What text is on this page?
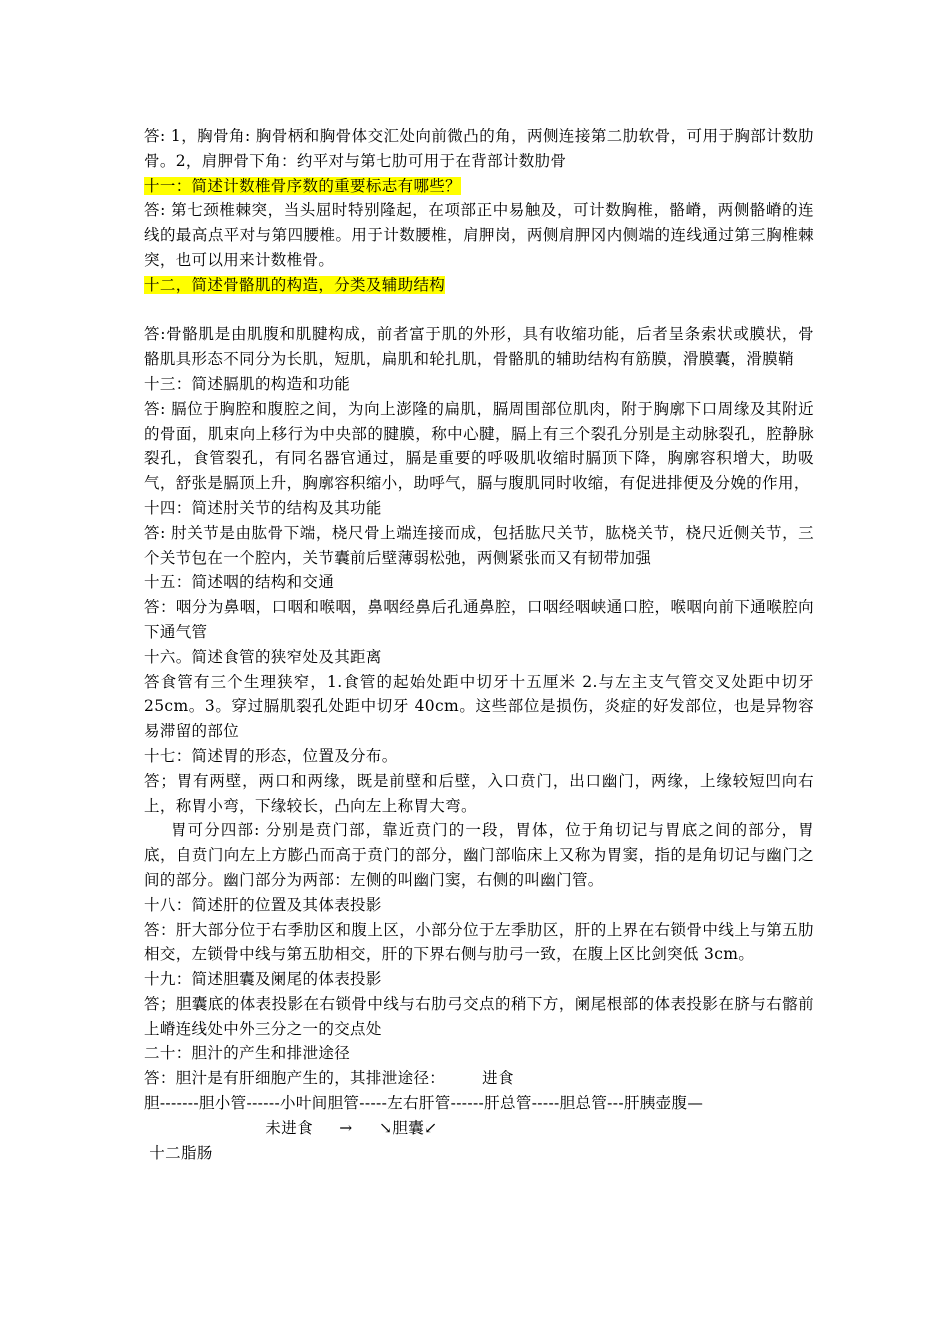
答: 1，胸骨角: 胸骨柄和胸骨体交汇处向前微凸的角，两侧连接第二肋软骨，可用于胸部计数肋骨。2，肩胛骨下角：约平对与第七肋可用于在背部计数肋骨

十一：简述计数椎骨序数的重要标志有哪些？

答: 第七颈椎棘突，当头屈时特别隆起，在项部正中易触及，可计数胸椎，骼嵴，两侧骼嵴的连线的最高点平对与第四腰椎。用于计数腰椎，肩胛岗，两侧肩胛冈内侧端的连线通过第三胸椎棘突，也可以用来计数椎骨。

十二，简述骨骼肌的构造，分类及辅助结构

答:骨骼肌是由肌腹和肌腱构成，前者富于肌的外形，具有收缩功能，后者呈条索状或膜状，骨骼肌具形态不同分为长肌，短肌，扁肌和轮扎肌，骨骼肌的辅助结构有筋膜，滑膜囊，滑膜鞘

十三：简述膈肌的构造和功能

答: 膈位于胸腔和腹腔之间，为向上澎隆的扁肌，膈周围部位肌肉，附于胸廓下口周缘及其附近的骨面，肌束向上移行为中央部的腱膜，称中心腱，膈上有三个裂孔分别是主动脉裂孔，腔静脉裂孔，食管裂孔，有同名器官通过，膈是重要的呼吸肌收缩时膈顶下降，胸廓容积增大，助吸气，舒张是膈顶上升，胸廓容积缩小，助呼气，膈与腹肌同时收缩，有促进排便及分娩的作用，

十四：简述肘关节的结构及其功能

答: 肘关节是由肱骨下端，桡尺骨上端连接而成，包括肱尺关节，肱桡关节，桡尺近侧关节，三个关节包在一个腔内，关节囊前后壁薄弱松弛，两侧紧张而又有韧带加强

十五：简述咽的结构和交通

答：咽分为鼻咽，口咽和喉咽，鼻咽经鼻后孔通鼻腔，口咽经咽峡通口腔，喉咽向前下通喉腔向下通气管

十六。简述食管的狭窄处及其距离

答食管有三个生理狭窄，1.食管的起始处距中切牙十五厘米 2.与左主支气管交叉处距中切牙25cm。3。穿过膈肌裂孔处距中切牙 40cm。这些部位是损伤，炎症的好发部位，也是异物容易滞留的部位

十七：简述胃的形态，位置及分布。

答；胃有两壁，两口和两缘，既是前壁和后壁，入口贲门，出口幽门，两缘，上缘较短凹向右上，称胃小弯，下缘较长，凸向左上称胃大弯。

胃可分四部: 分别是贲门部，靠近贲门的一段，胃体，位于角切记与胃底之间的部分，胃底，自贲门向左上方膨凸而高于贲门的部分，幽门部临床上又称为胃窦，指的是角切记与幽门之间的部分。幽门部分为两部：左侧的叫幽门窦，右侧的叫幽门管。

十八：简述肝的位置及其体表投影

答：肝大部分位于右季肋区和腹上区，小部分位于左季肋区，肝的上界在右锁骨中线上与第五肋相交，左锁骨中线与第五肋相交，肝的下界右侧与肋弓一致，在腹上区比剑突低 3cm。

十九：简述胆囊及阑尾的体表投影

答；胆囊底的体表投影在右锁骨中线与右肋弓交点的稍下方，阑尾根部的体表投影在脐与右髂前上嵴连线处中外三分之一的交点处

二十：胆汁的产生和排泄途径

答：胆汁是有肝细胞产生的，其排泄途径：       进食

胆-------胆小管------小叶间胆管-----左右肝管------肝总管-----胆总管---肝胰壶腹—

未进食     →     ↘胆囊↙

十二脂肠
